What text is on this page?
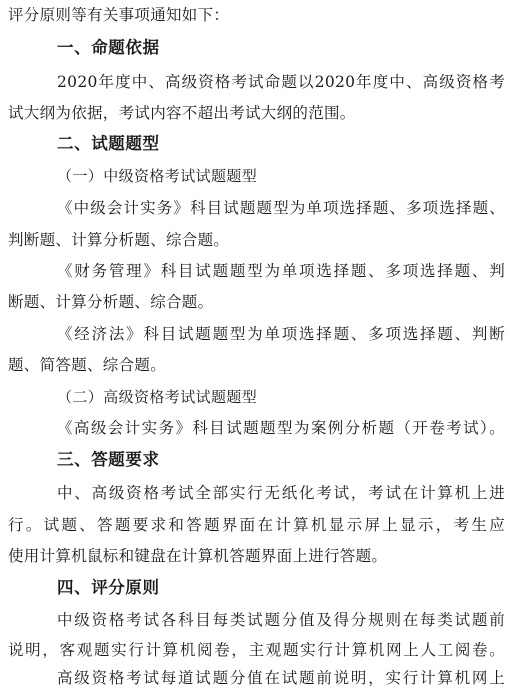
评分原则等有关事项通知如下：
一、命题依据
2020年度中、高级资格考试命题以2020年度中、高级资格考
试大纲为依据，考试内容不超出考试大纲的范围。
二、试题题型
（一）中级资格考试试题题型
《中级会计实务》科目试题题型为单项选择题、多项选择题、
判断题、计算分析题、综合题。
《财务管理》科目试题题型为单项选择题、多项选择题、判
断题、计算分析题、综合题。
《经济法》科目试题题型为单项选择题、多项选择题、判断
题、简答题、综合题。
（二）高级资格考试试题题型
《高级会计实务》科目试题题型为案例分析题（开卷考试）。
三、答题要求
中、高级资格考试全部实行无纸化考试，考试在计算机上进
行。试题、答题要求和答题界面在计算机显示屏上显示，考生应
使用计算机鼠标和键盘在计算机答题界面上进行答题。
四、评分原则
中级资格考试各科目每类试题分值及得分规则在每类试题前
说明，客观题实行计算机阅卷，主观题实行计算机网上人工阅卷。
高级资格考试每道试题分值在试题前说明，实行计算机网上
